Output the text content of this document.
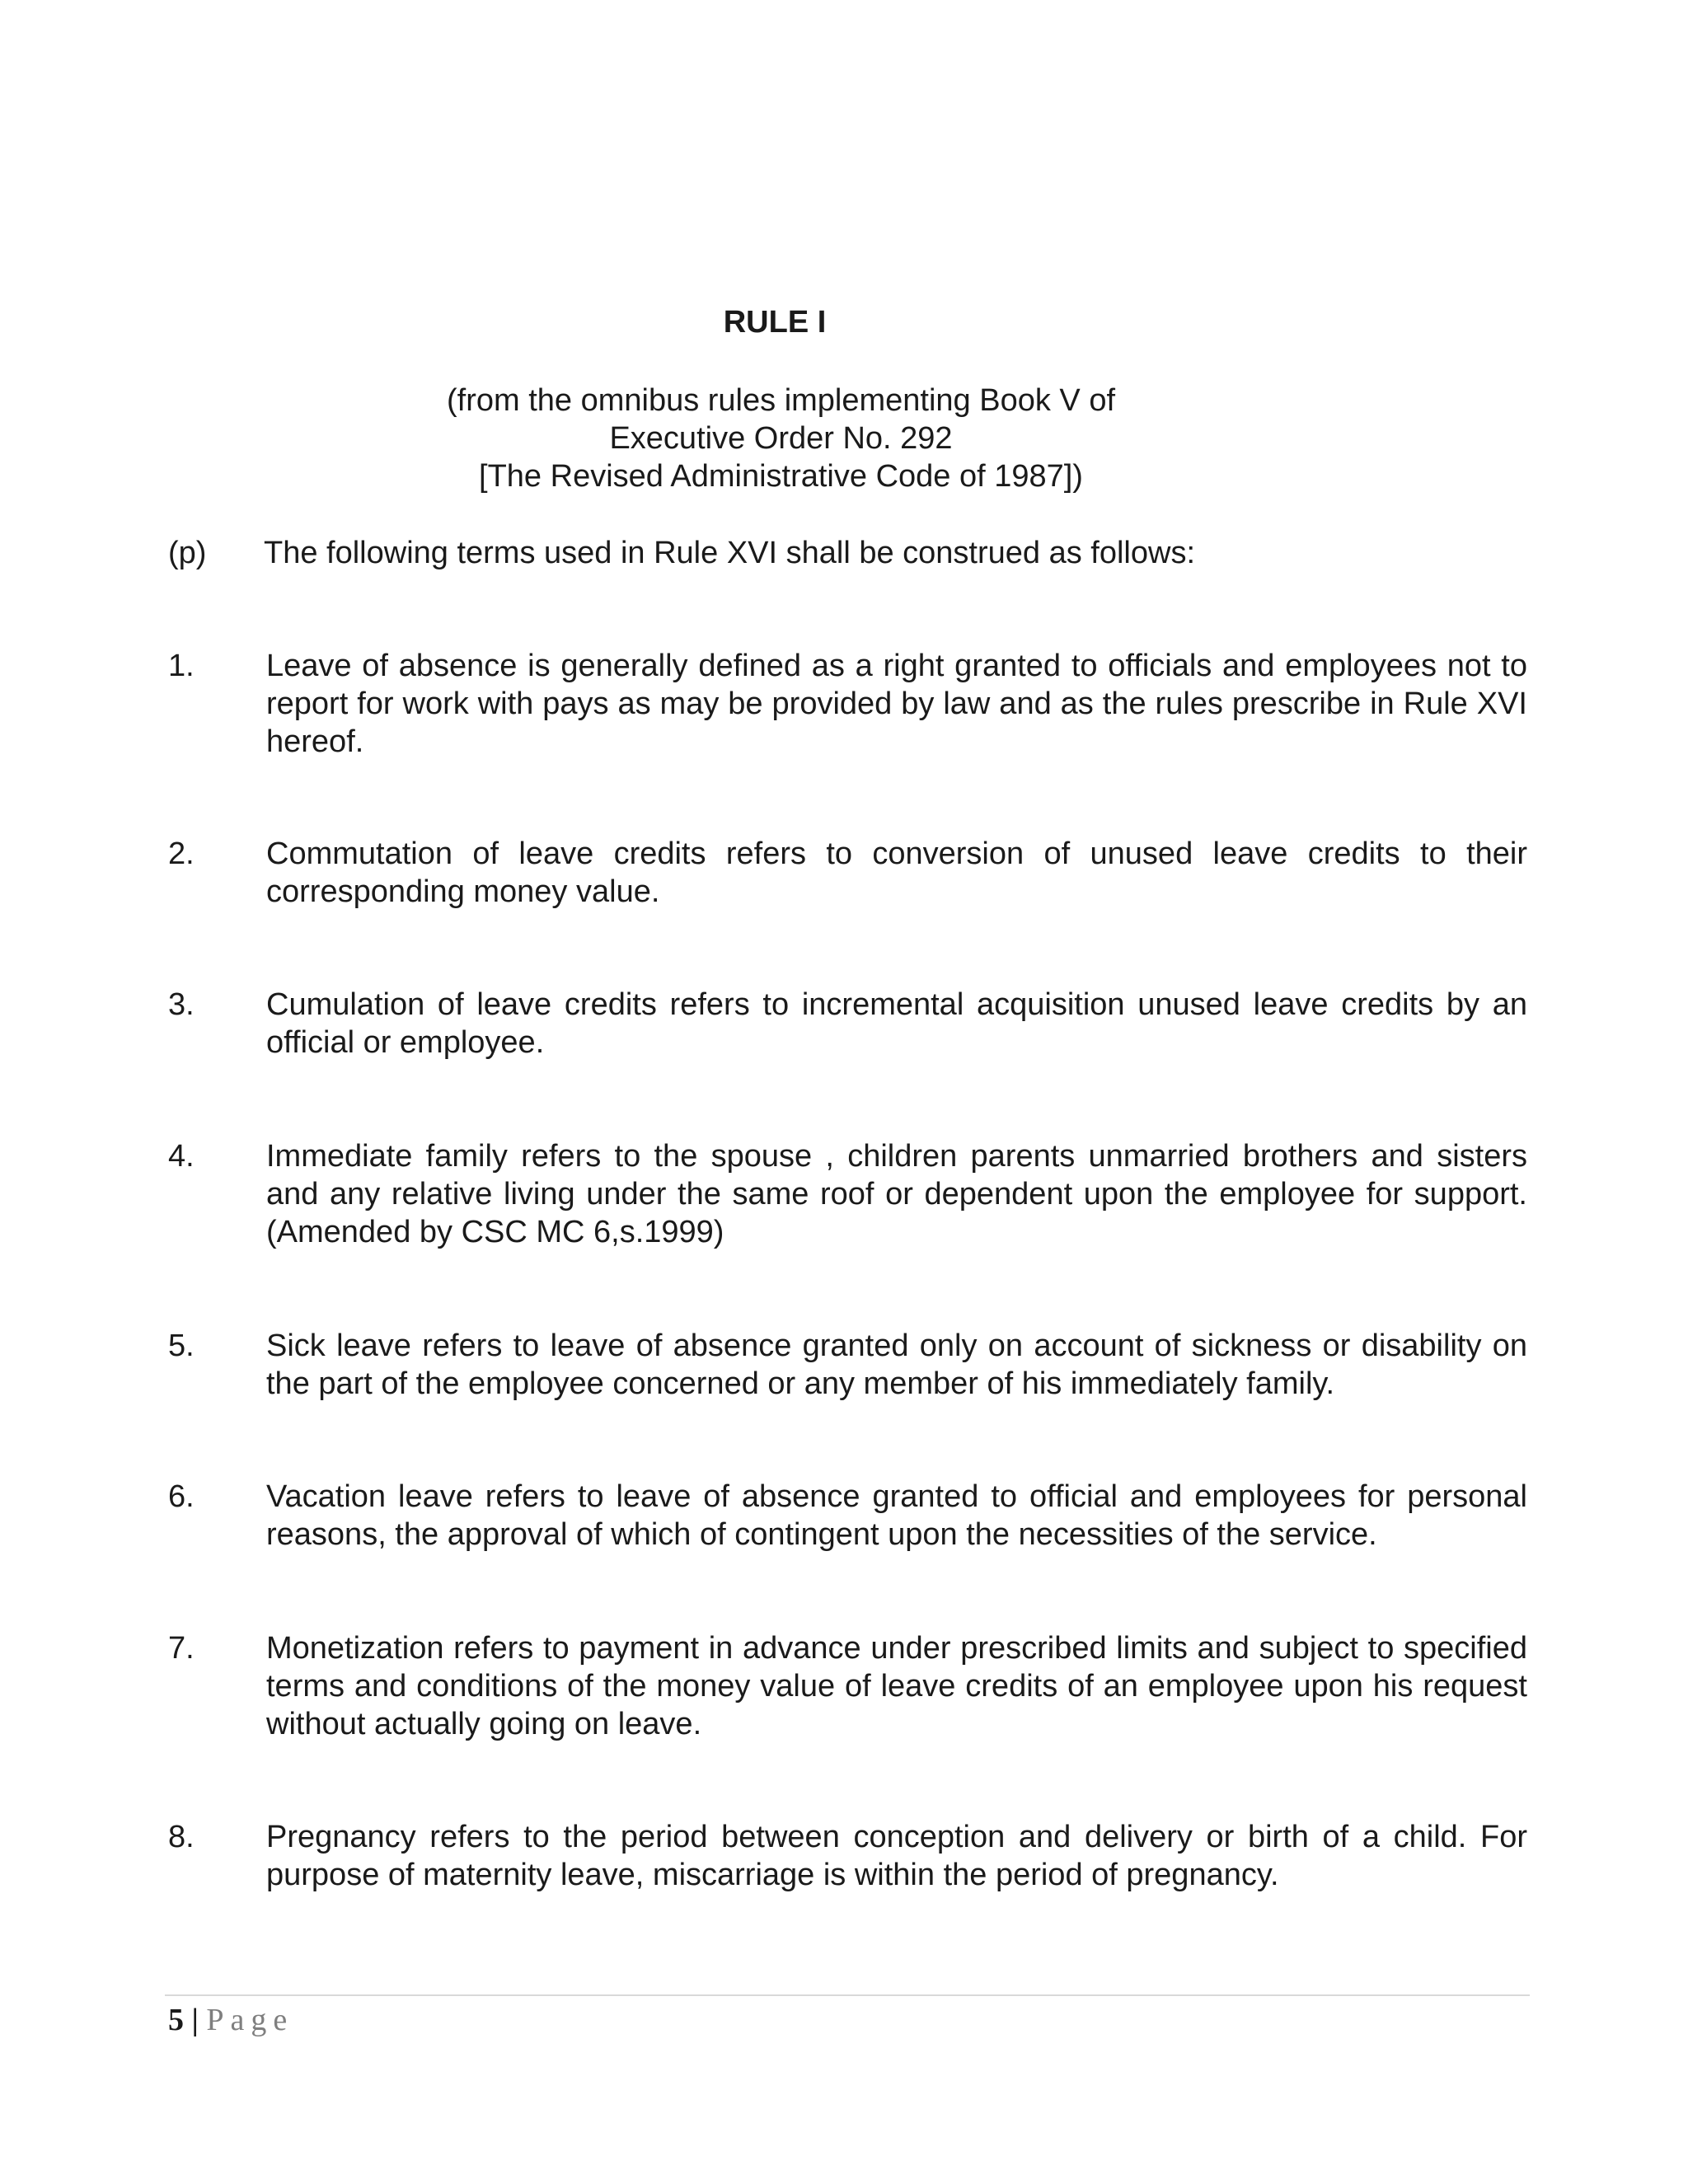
RULE I
(from the omnibus rules implementing Book V of
Executive Order No. 292
[The Revised Administrative Code of 1987])
(p) The following terms used in Rule XVI shall be construed as follows:
1. Leave of absence is generally defined as a right granted to officials and employees not to report for work with pays as may be provided by law and as the rules prescribe in Rule XVI hereof.
2. Commutation of leave credits refers to conversion of unused leave credits to their corresponding money value.
3. Cumulation of leave credits refers to incremental acquisition unused leave credits by an official or employee.
4. Immediate family refers to the spouse , children parents unmarried brothers and sisters and any relative living under the same roof or dependent upon the employee for support.(Amended by CSC MC 6,s.1999)
5. Sick leave refers to leave of absence granted only on account of sickness or disability on the part of the employee concerned or any member of his immediately family.
6. Vacation leave refers to leave of absence granted to official and employees for personal reasons, the approval of which of contingent upon the necessities of the service.
7. Monetization refers to payment in advance under prescribed limits and subject to specified terms and conditions of the money value of leave credits of an employee upon his request without actually going on leave.
8. Pregnancy refers to the period between conception and delivery or birth of a child. For purpose of maternity leave, miscarriage is within the period of pregnancy.
5 | Page
